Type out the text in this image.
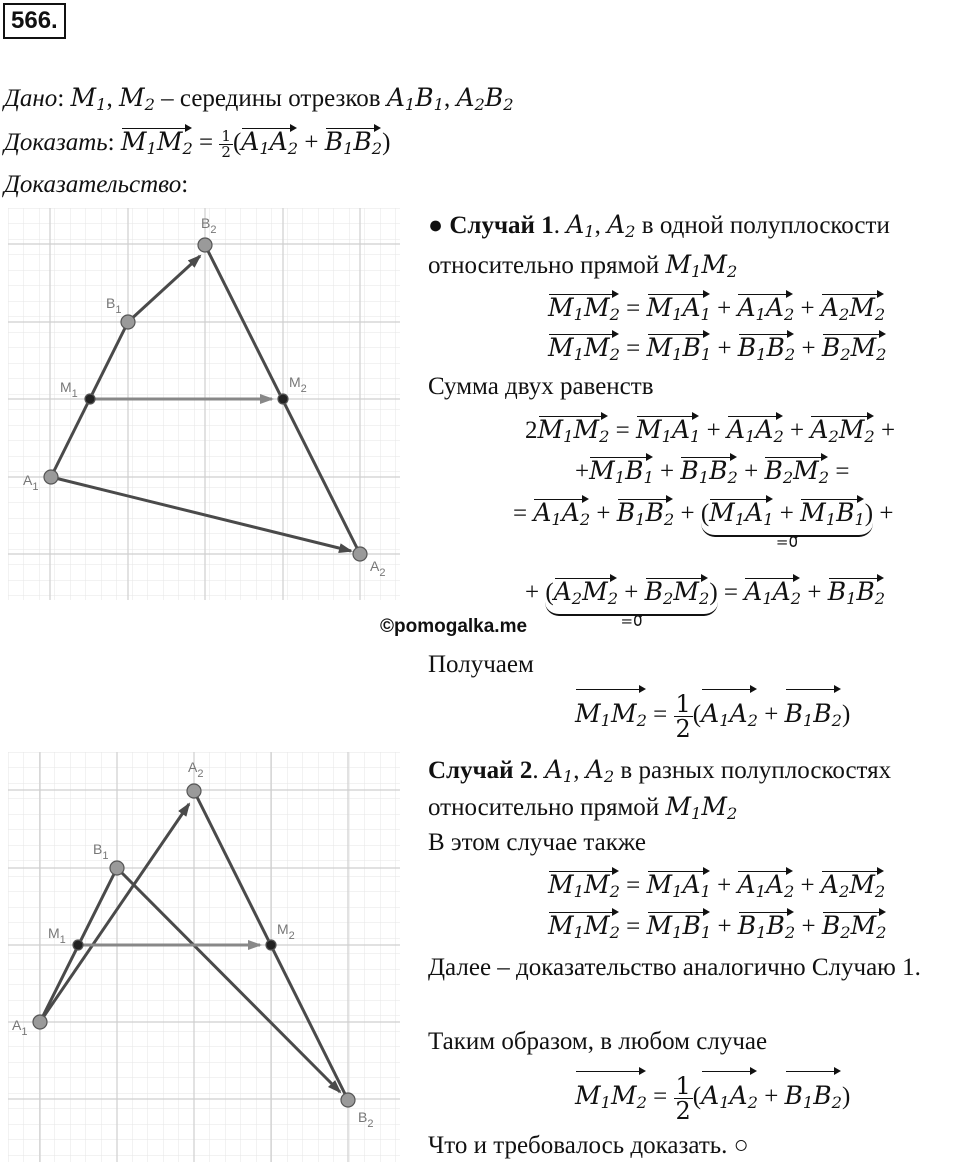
566.
Дано: $M_1$, $M_2$ – середины отрезков $A_1B_1$, $A_2B_2$
Доказать: $M_1M_2 = \frac{1}{2} (A_1A_2 + B_1B_2)$
Доказательство:
$B_2$
$B_1$
$M_1$
$M_2$
$A_1$
$A_2$
● Случай 1. $A_1$, $A_2$ в одной полуплоскости
относительно прямой $M_1M_2$
$M_1M_2 = M_1A_1 + A_1A_2 + A_2M_2$
$M_1M_2 = M_1B_1 + B_1B_2 + B_2M_2$
Сумма двух равенств
$2M_1M_2 = M_1A_1 + A_1A_2 + A_2M_2$ +
$+M_1B_1 + B_1B_2 + B_2M_2$ =
= $A_1A_2 + B_1B_2 + (M_1A_1 + M_1B_1)$
=0⃗
+
+ $(A_2M_2 + B_2M_2)$
=0⃗
= $A_1A_2 + B_1B_2$
©pomogalka.me
Получаем
$M_1M_2 = \frac{1}{2} (A_1A_2 + B_1B_2)$
$A_2$
$B_1$
$M_1$
$M_2$
$A_1$
$B_2$
Случай 2. $A_1$, $A_2$ в разных полуплоскостях
относительно прямой $M_1M_2$
В этом случае также
$M_1M_2 = M_1A_1 + A_1A_2 + A_2M_2$
$M_1M_2 = M_1B_1 + B_1B_2 + B_2M_2$
Далее – доказательство аналогично Случаю 1.
Таким образом, в любом случае
$M_1M_2 = \frac{1}{2} (A_1A_2 + B_1B_2)$
Что и требовалось доказать. ○
